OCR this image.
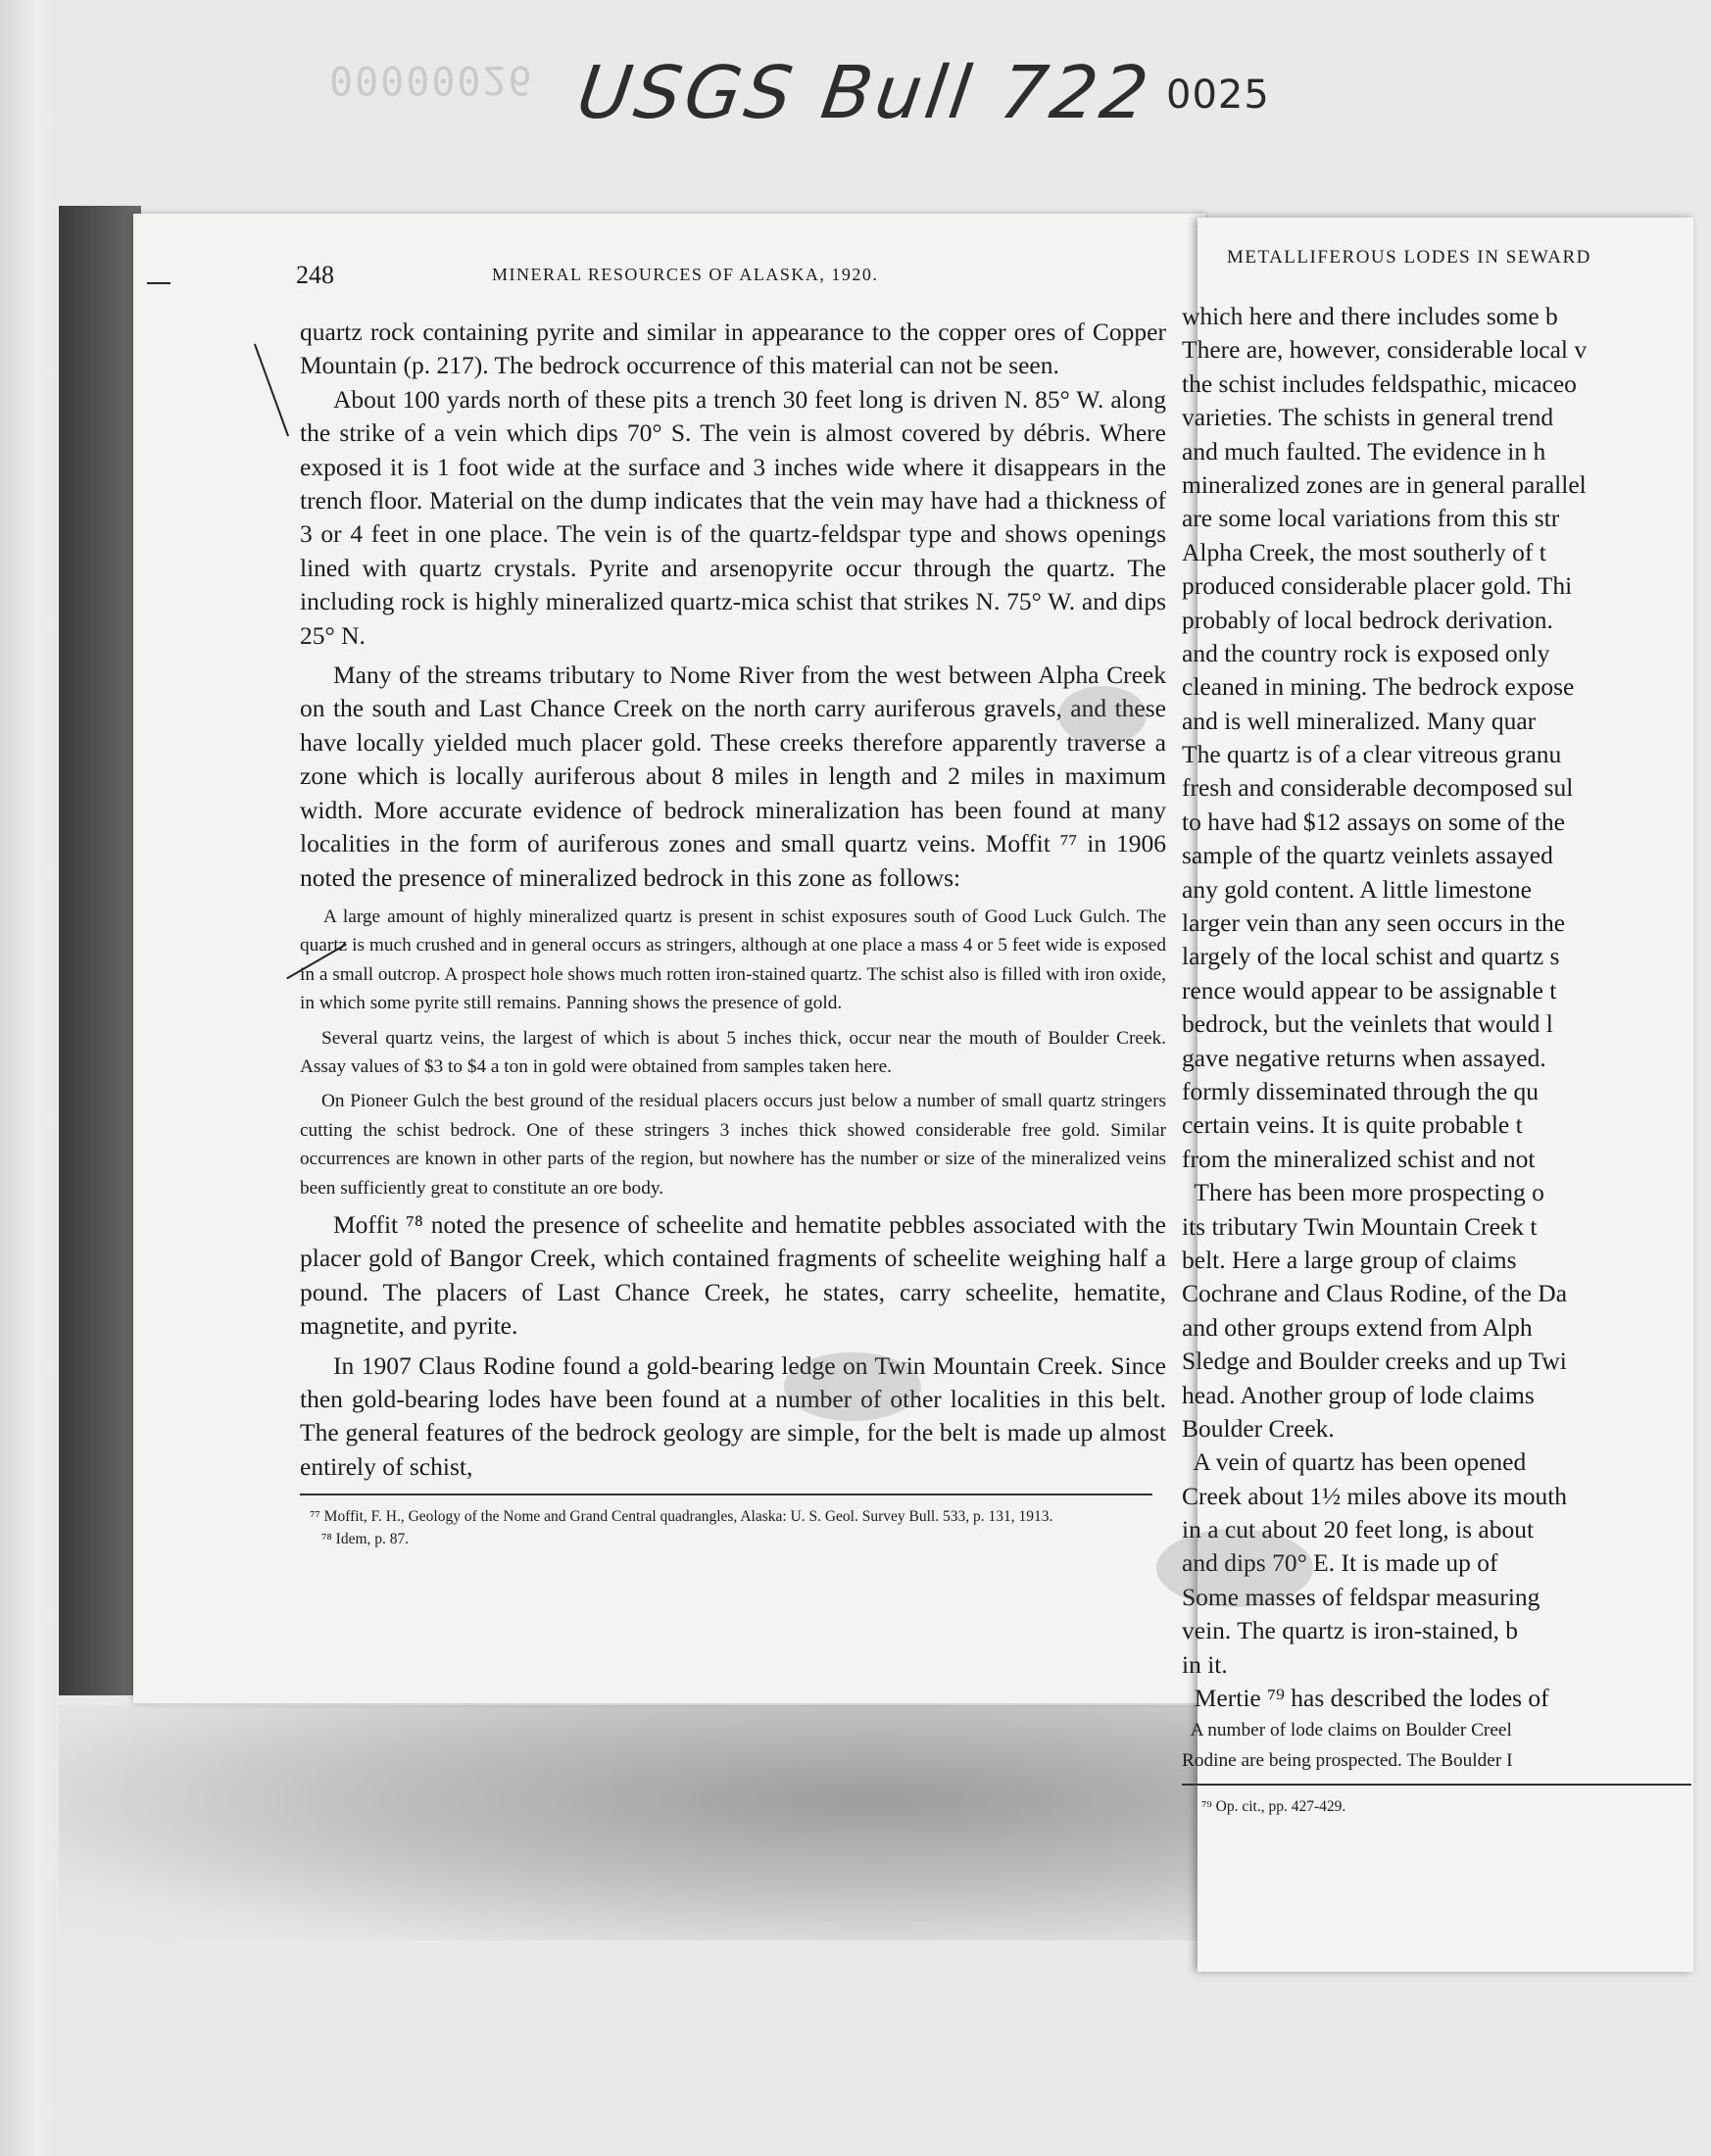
00000026 USGS Bull 722 0025
248	MINERAL RESOURCES OF ALASKA, 1920.

quartz rock containing pyrite and similar in appearance to the copper ores of Copper Mountain (p. 217). The bedrock occurrence of this material can not be seen.

About 100 yards north of these pits a trench 30 feet long is driven N. 85° W. along the strike of a vein which dips 70° S. The vein is almost covered by débris. Where exposed it is 1 foot wide at the surface and 3 inches wide where it disappears in the trench floor. Material on the dump indicates that the vein may have had a thickness of 3 or 4 feet in one place. The vein is of the quartz-feldspar type and shows openings lined with quartz crystals. Pyrite and arsenopyrite occur through the quartz. The including rock is highly mineralized quartz-mica schist that strikes N. 75° W. and dips 25° N.

Many of the streams tributary to Nome River from the west between Alpha Creek on the south and Last Chance Creek on the north carry auriferous gravels, and these have locally yielded much placer gold. These creeks therefore apparently traverse a zone which is locally auriferous about 8 miles in length and 2 miles in maximum width. More accurate evidence of bedrock mineralization has been found at many localities in the form of auriferous zones and small quartz veins. Moffit ⁷⁷ in 1906 noted the presence of mineralized bedrock in this zone as follows:

A large amount of highly mineralized quartz is present in schist exposures south of Good Luck Gulch. The quartz is much crushed and in general occurs as stringers, although at one place a mass 4 or 5 feet wide is exposed in a small outcrop. A prospect hole shows much rotten iron-stained quartz. The schist also is filled with iron oxide, in which some pyrite still remains. Panning shows the presence of gold.

Several quartz veins, the largest of which is about 5 inches thick, occur near the mouth of Boulder Creek. Assay values of $3 to $4 a ton in gold were obtained from samples taken here.

On Pioneer Gulch the best ground of the residual placers occurs just below a number of small quartz stringers cutting the schist bedrock. One of these stringers 3 inches thick showed considerable free gold. Similar occurrences are known in other parts of the region, but nowhere has the number or size of the mineralized veins been sufficiently great to constitute an ore body.

Moffit ⁷⁸ noted the presence of scheelite and hematite pebbles associated with the placer gold of Bangor Creek, which contained fragments of scheelite weighing half a pound. The placers of Last Chance Creek, he states, carry scheelite, hematite, magnetite, and pyrite.

In 1907 Claus Rodine found a gold-bearing ledge on Twin Mountain Creek. Since then gold-bearing lodes have been found at a number of other localities in this belt. The general features of the bedrock geology are simple, for the belt is made up almost entirely of schist,

⁷⁷ Moffit, F. H., Geology of the Nome and Grand Central quadrangles, Alaska: U. S. Geol. Survey Bull. 533, p. 131, 1913.
⁷⁸ Idem, p. 87.
METALLIFEROUS LODES IN SEWARD
which here and there includes some b
There are, however, considerable local v
the schist includes feldspathic, micaceo
varieties. The schists in general trend
and much faulted. The evidence in h
mineralized zones are in general parallel
are some local variations from this str
Alpha Creek, the most southerly of t
produced considerable placer gold. Thi
probably of local bedrock derivation.
and the country rock is exposed only
cleaned in mining. The bedrock expose
and is well mineralized. Many quar
The quartz is of a clear vitreous granu
fresh and considerable decomposed sul
to have had $12 assays on some of the
sample of the quartz veinlets assayed
any gold content. A little limestone
larger vein than any seen occurs in the
largely of the local schist and quartz s
rence would appear to be assignable t
bedrock, but the veinlets that would l
gave negative returns when assayed.
formly disseminated through the qu
certain veins. It is quite probable t
from the mineralized schist and not
There has been more prospecting o
its tributary Twin Mountain Creek t
belt. Here a large group of claims
Cochrane and Claus Rodine, of the Da
and other groups extend from Alph
Sledge and Boulder creeks and up Twi
head. Another group of lode claims
Boulder Creek.
A vein of quartz has been opened
Creek about 1½ miles above its mouth
in a cut about 20 feet long, is about
and dips 70° E. It is made up of
Some masses of feldspar measuring
vein. The quartz is iron-stained, b
in it.
Mertie ⁷⁹ has described the lodes of
A number of lode claims on Boulder Creel
Rodine are being prospected. The Boulder I
⁷⁹ Op. cit., pp. 427-429.
